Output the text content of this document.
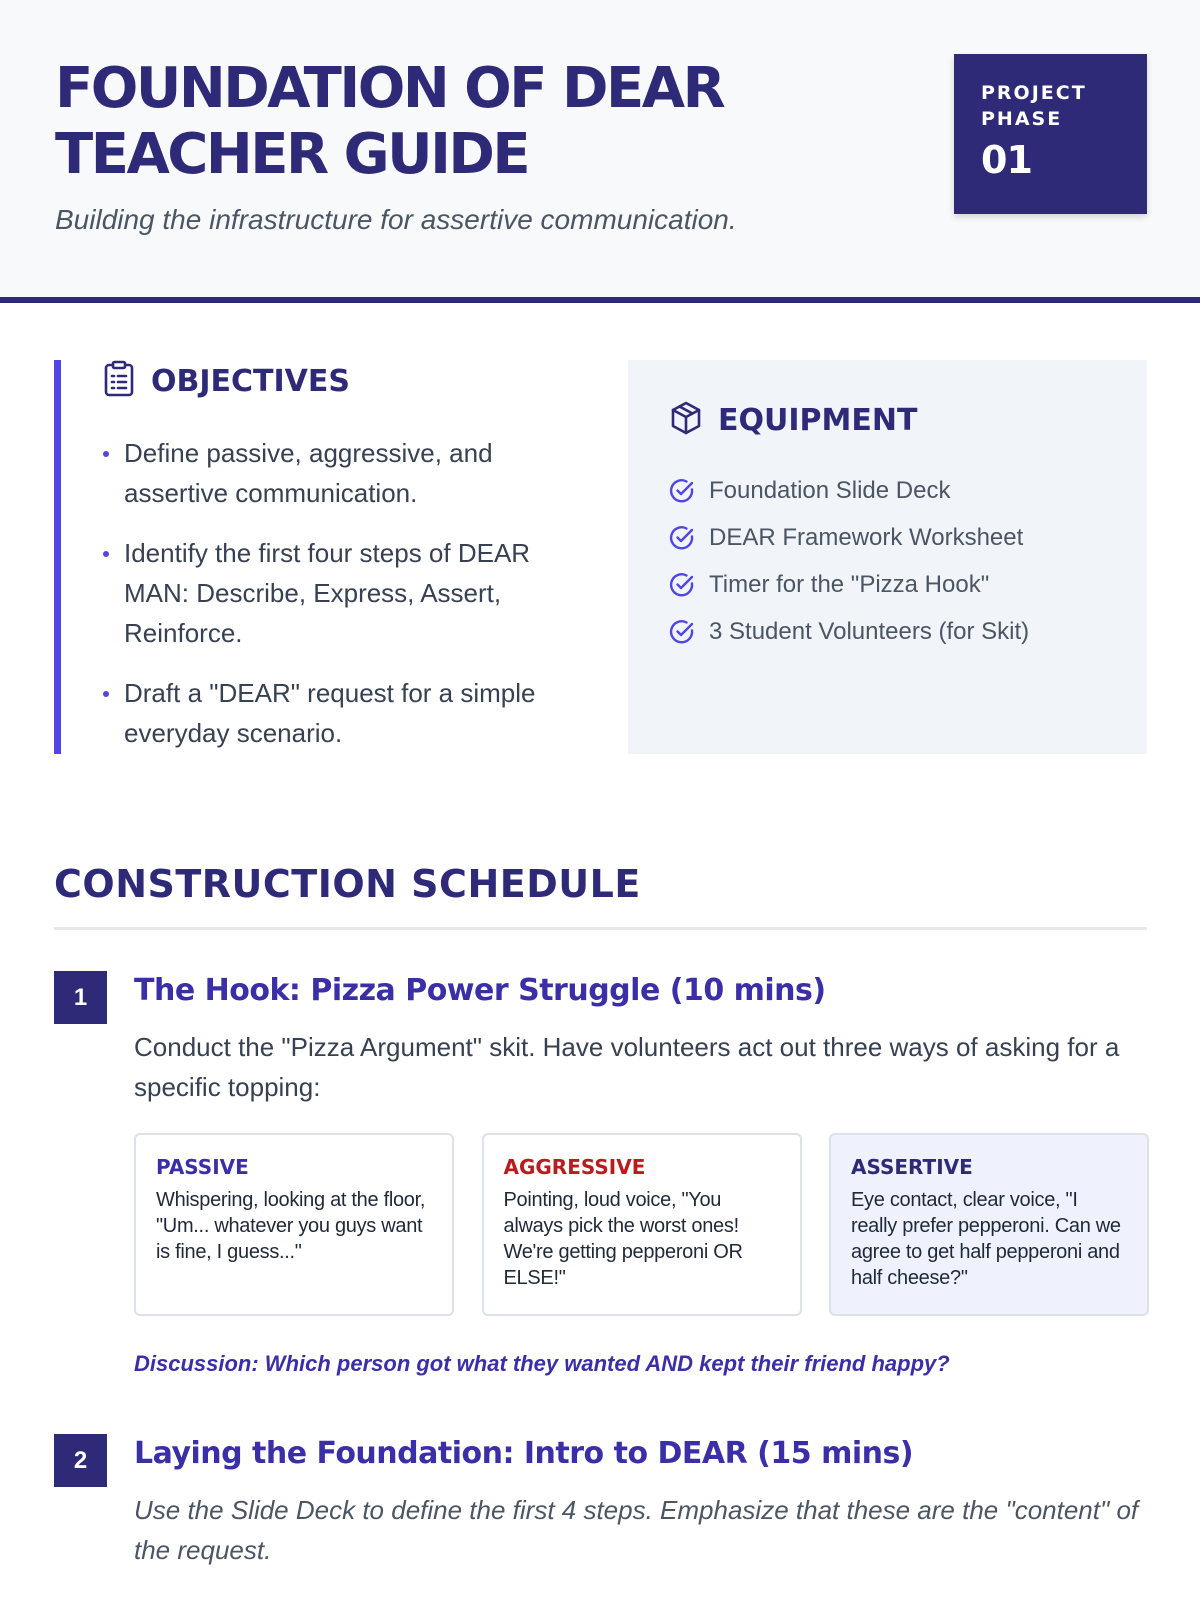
FOUNDATION OF DEAR TEACHER GUIDE

Building the infrastructure for assertive communication.

PROJECT PHASE
01
OBJECTIVES
Define passive, aggressive, and assertive communication.
Identify the first four steps of DEAR MAN: Describe, Express, Assert, Reinforce.
Draft a "DEAR" request for a simple everyday scenario.
EQUIPMENT
Foundation Slide Deck
DEAR Framework Worksheet
Timer for the "Pizza Hook"
3 Student Volunteers (for Skit)
CONSTRUCTION SCHEDULE
1	The Hook: Pizza Power Struggle (10 mins)

Conduct the "Pizza Argument" skit. Have volunteers act out three ways of asking for a specific topping:

PASSIVE
Whispering, looking at the floor, "Um... whatever you guys want is fine, I guess..."
AGGRESSIVE
Pointing, loud voice, "You always pick the worst ones! We're getting pepperoni OR ELSE!"
ASSERTIVE
Eye contact, clear voice, "I really prefer pepperoni. Can we agree to get half pepperoni and half cheese?"

Discussion: Which person got what they wanted AND kept their friend happy?

2	Laying the Foundation: Intro to DEAR (15 mins)

Use the Slide Deck to define the first 4 steps. Emphasize that these are the "content" of the request.
